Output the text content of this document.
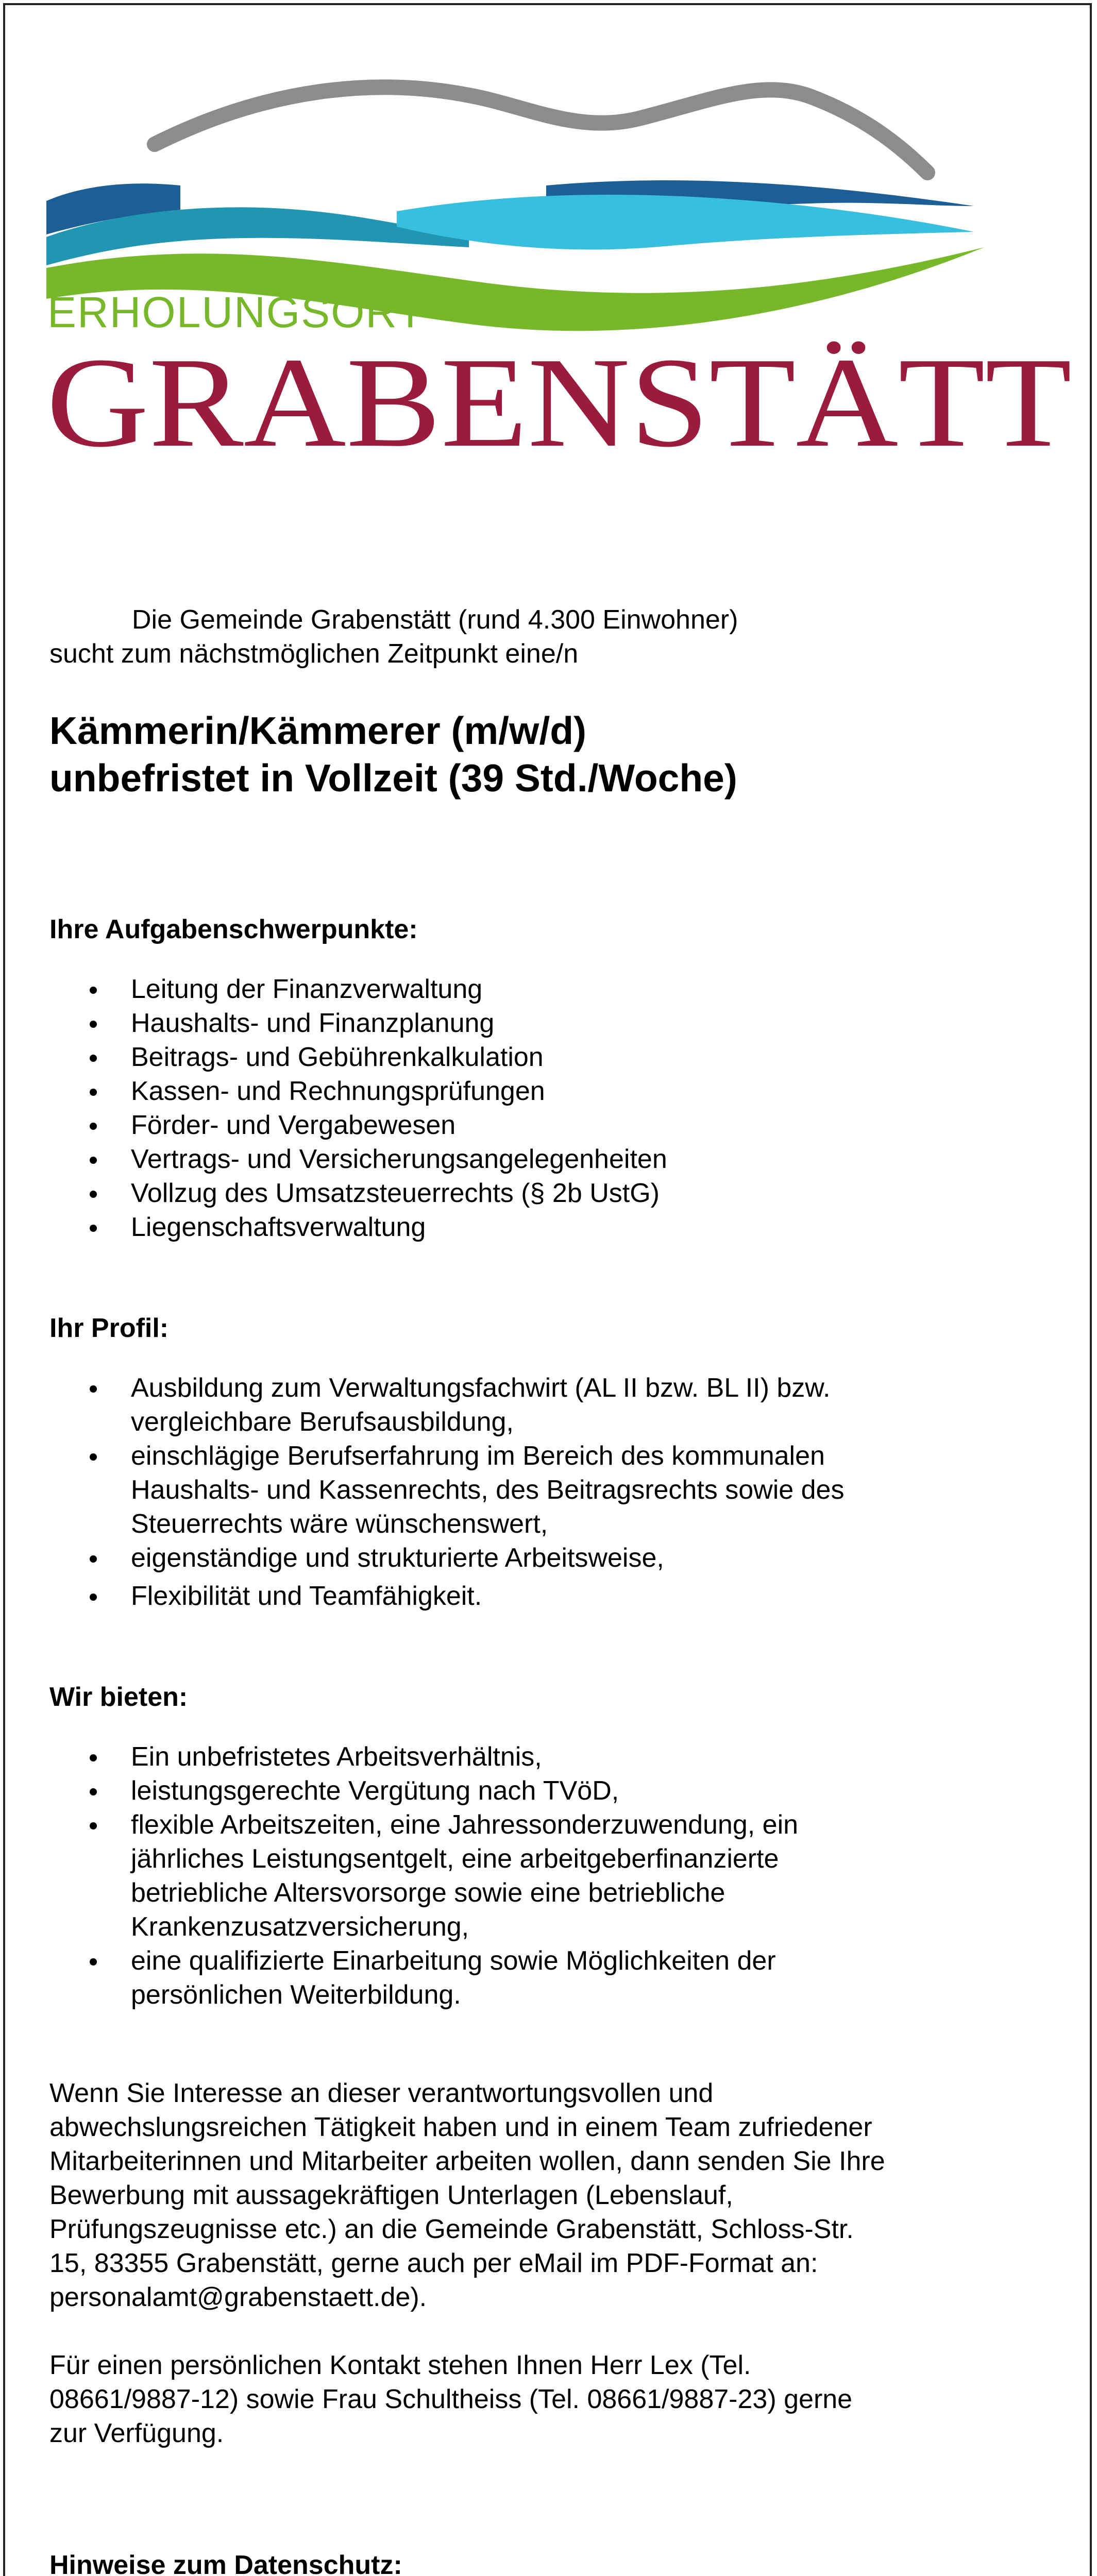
ERHOLUNGSORT
GRABENSTÄTT
Die Gemeinde Grabenstätt (rund 4.300 Einwohner)
sucht zum nächstmöglichen Zeitpunkt eine/n
Kämmerin/Kämmerer (m/w/d)
unbefristet in Vollzeit (39 Std./Woche)
Ihre Aufgabenschwerpunkte:
Leitung der Finanzverwaltung
Haushalts- und Finanzplanung
Beitrags- und Gebührenkalkulation
Kassen- und Rechnungsprüfungen
Förder- und Vergabewesen
Vertrags- und Versicherungsangelegenheiten
Vollzug des Umsatzsteuerrechts (§ 2b UstG)
Liegenschaftsverwaltung
Ihr Profil:
Ausbildung zum Verwaltungsfachwirt (AL II bzw. BL II) bzw.
vergleichbare Berufsausbildung,
einschlägige Berufserfahrung im Bereich des kommunalen
Haushalts- und Kassenrechts, des Beitragsrechts sowie des
Steuerrechts wäre wünschenswert,
eigenständige und strukturierte Arbeitsweise,
Flexibilität und Teamfähigkeit.
Wir bieten:
Ein unbefristetes Arbeitsverhältnis,
leistungsgerechte Vergütung nach TVöD,
flexible Arbeitszeiten, eine Jahressonderzuwendung, ein
jährliches Leistungsentgelt, eine arbeitgeberfinanzierte
betriebliche Altersvorsorge sowie eine betriebliche
Krankenzusatzversicherung,
eine qualifizierte Einarbeitung sowie Möglichkeiten der
persönlichen Weiterbildung.
Wenn Sie Interesse an dieser verantwortungsvollen und
abwechslungsreichen Tätigkeit haben und in einem Team zufriedener
Mitarbeiterinnen und Mitarbeiter arbeiten wollen, dann senden Sie Ihre
Bewerbung mit aussagekräftigen Unterlagen (Lebenslauf,
Prüfungszeugnisse etc.) an die Gemeinde Grabenstätt, Schloss-Str.
15, 83355 Grabenstätt, gerne auch per eMail im PDF-Format an:
personalamt@grabenstaett.de).
Für einen persönlichen Kontakt stehen Ihnen Herr Lex (Tel.
08661/9887-12) sowie Frau Schultheiss (Tel. 08661/9887-23) gerne
zur Verfügung.
Hinweise zum Datenschutz:
